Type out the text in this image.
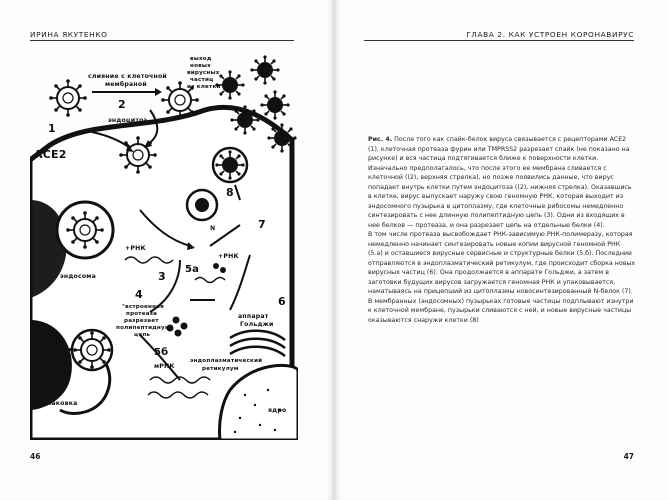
ИРИНА ЯКУТЕНКО
ядро
слияние с клеточной
мембраной
1
ACE2
2
эндоцитоз
выход
новых
вирусных
частиц
из клетки
8
7
N
+РНК
3
5а
+РНК
эндосома
4
"встроенная
протеаза
разрезает
полипептидную
цепь
5б
мРНК
6
аппарат
Гольджи
эндоплазматический
ретикулум
распаковка
46
ГЛАВА 2. КАК УСТРОЕН КОРОНАВИРУС
47

Рис. 4. После того как спайк-белок вируса связывается с рецепторами ACE2 (1), клеточная протеаза фурин или TMPRSS2 разрезает спайк (не показано на рисунке) и вся частица подтягивается ближе к поверхности клетки. Изначально предполагалось, что после этого ее мембрана сливается с клеточной ((2), верхняя стрелка), но позже появились данные, что вирус попадает внутрь клетки путем эндоцитоза ((2), нижняя стрелка). Оказавшись в клетке, вирус выпускает наружу свою геномную РНК, которая выходит из эндосомного пузырька в цитоплазму, где клеточные рибосомы немедленно синтезировать с нее длинную полипептидную цепь (3). Одни из входящих в нее белков — протеаза, и она разрезает цепь на отдельные белки (4).

В том числе протеаза высвобождает РНК-зависимую РНК-полимеразу, которая немедленно начинает синтезировать новые копии вирусной геномной РНК (5.а) и оставшиеся вирусные сервисные и структурные белки (5.б). Последние отправляются в эндоплазматический ретикулум, где происходит сборка новых вирусных частиц (6). Она продолжается в аппарате Гольджи, а затем в заготовки будущих вирусов загружается геномная РНК и упаковывается, наматываясь на прицепший из цитоплазмы новосинтезированный N-белок (7). В мембранных (эндосомных) пузырьках готовые частицы подплывают изнутри к клеточной мембране, пузырьки сливаются с ней, и новые вирусные частицы оказываются снаружи клетки (8)
